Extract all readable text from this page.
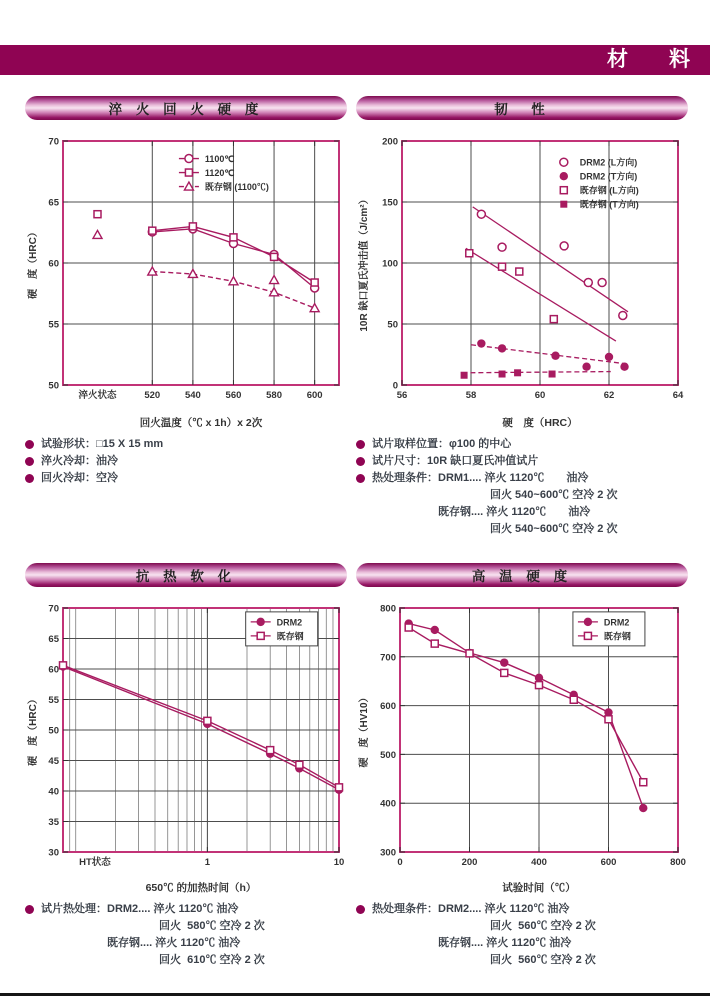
材　料
淬 火 回 火 硬 度
淬火状态	520	540	560	580	600
50
55
60
65
70
回火温度（℃ x 1h）x 2次
硬　度（HRC）
1100℃
1120℃
既存钢 (1100℃)
试验形状：□15 X 15 mm
淬火冷却：油冷
回火冷却：空冷
韧　性
56	58	60	62	64
0
50
100
150
200
硬　度（HRC）
10R 缺口夏氏冲击值（J/cm²）
DRM2 (L方向)
DRM2 (T方向)
既存钢 (L方向)
既存钢 (T方向)
试片取样位置：φ100 的中心
试片尺寸：10R 缺口夏氏冲值试片
热处理条件：DRM1.... 淬火 1120℃　　油冷
回火 540~600℃ 空冷 2 次
既存钢.... 淬火 1120℃　　油冷
回火 540~600℃ 空冷 2 次
抗 热 软 化
HT状态	1	10
30
35
40
45
50
55
60
65
70
650℃ 的加热时间（h）
硬　度（HRC）
DRM2
既存钢
试片热处理：DRM2.... 淬火 1120℃ 油冷
回火  580℃ 空冷 2 次
既存钢.... 淬火 1120℃ 油冷
回火  610℃ 空冷 2 次
高 温 硬 度
0	200	400	600	800
300
400
500
600
700
800
试验时间（℃）
硬　度（HV10）
DRM2
既存钢
热处理条件：DRM2.... 淬火 1120℃ 油冷
回火  560℃ 空冷 2 次
既存钢.... 淬火 1120℃ 油冷
回火  560℃ 空冷 2 次
